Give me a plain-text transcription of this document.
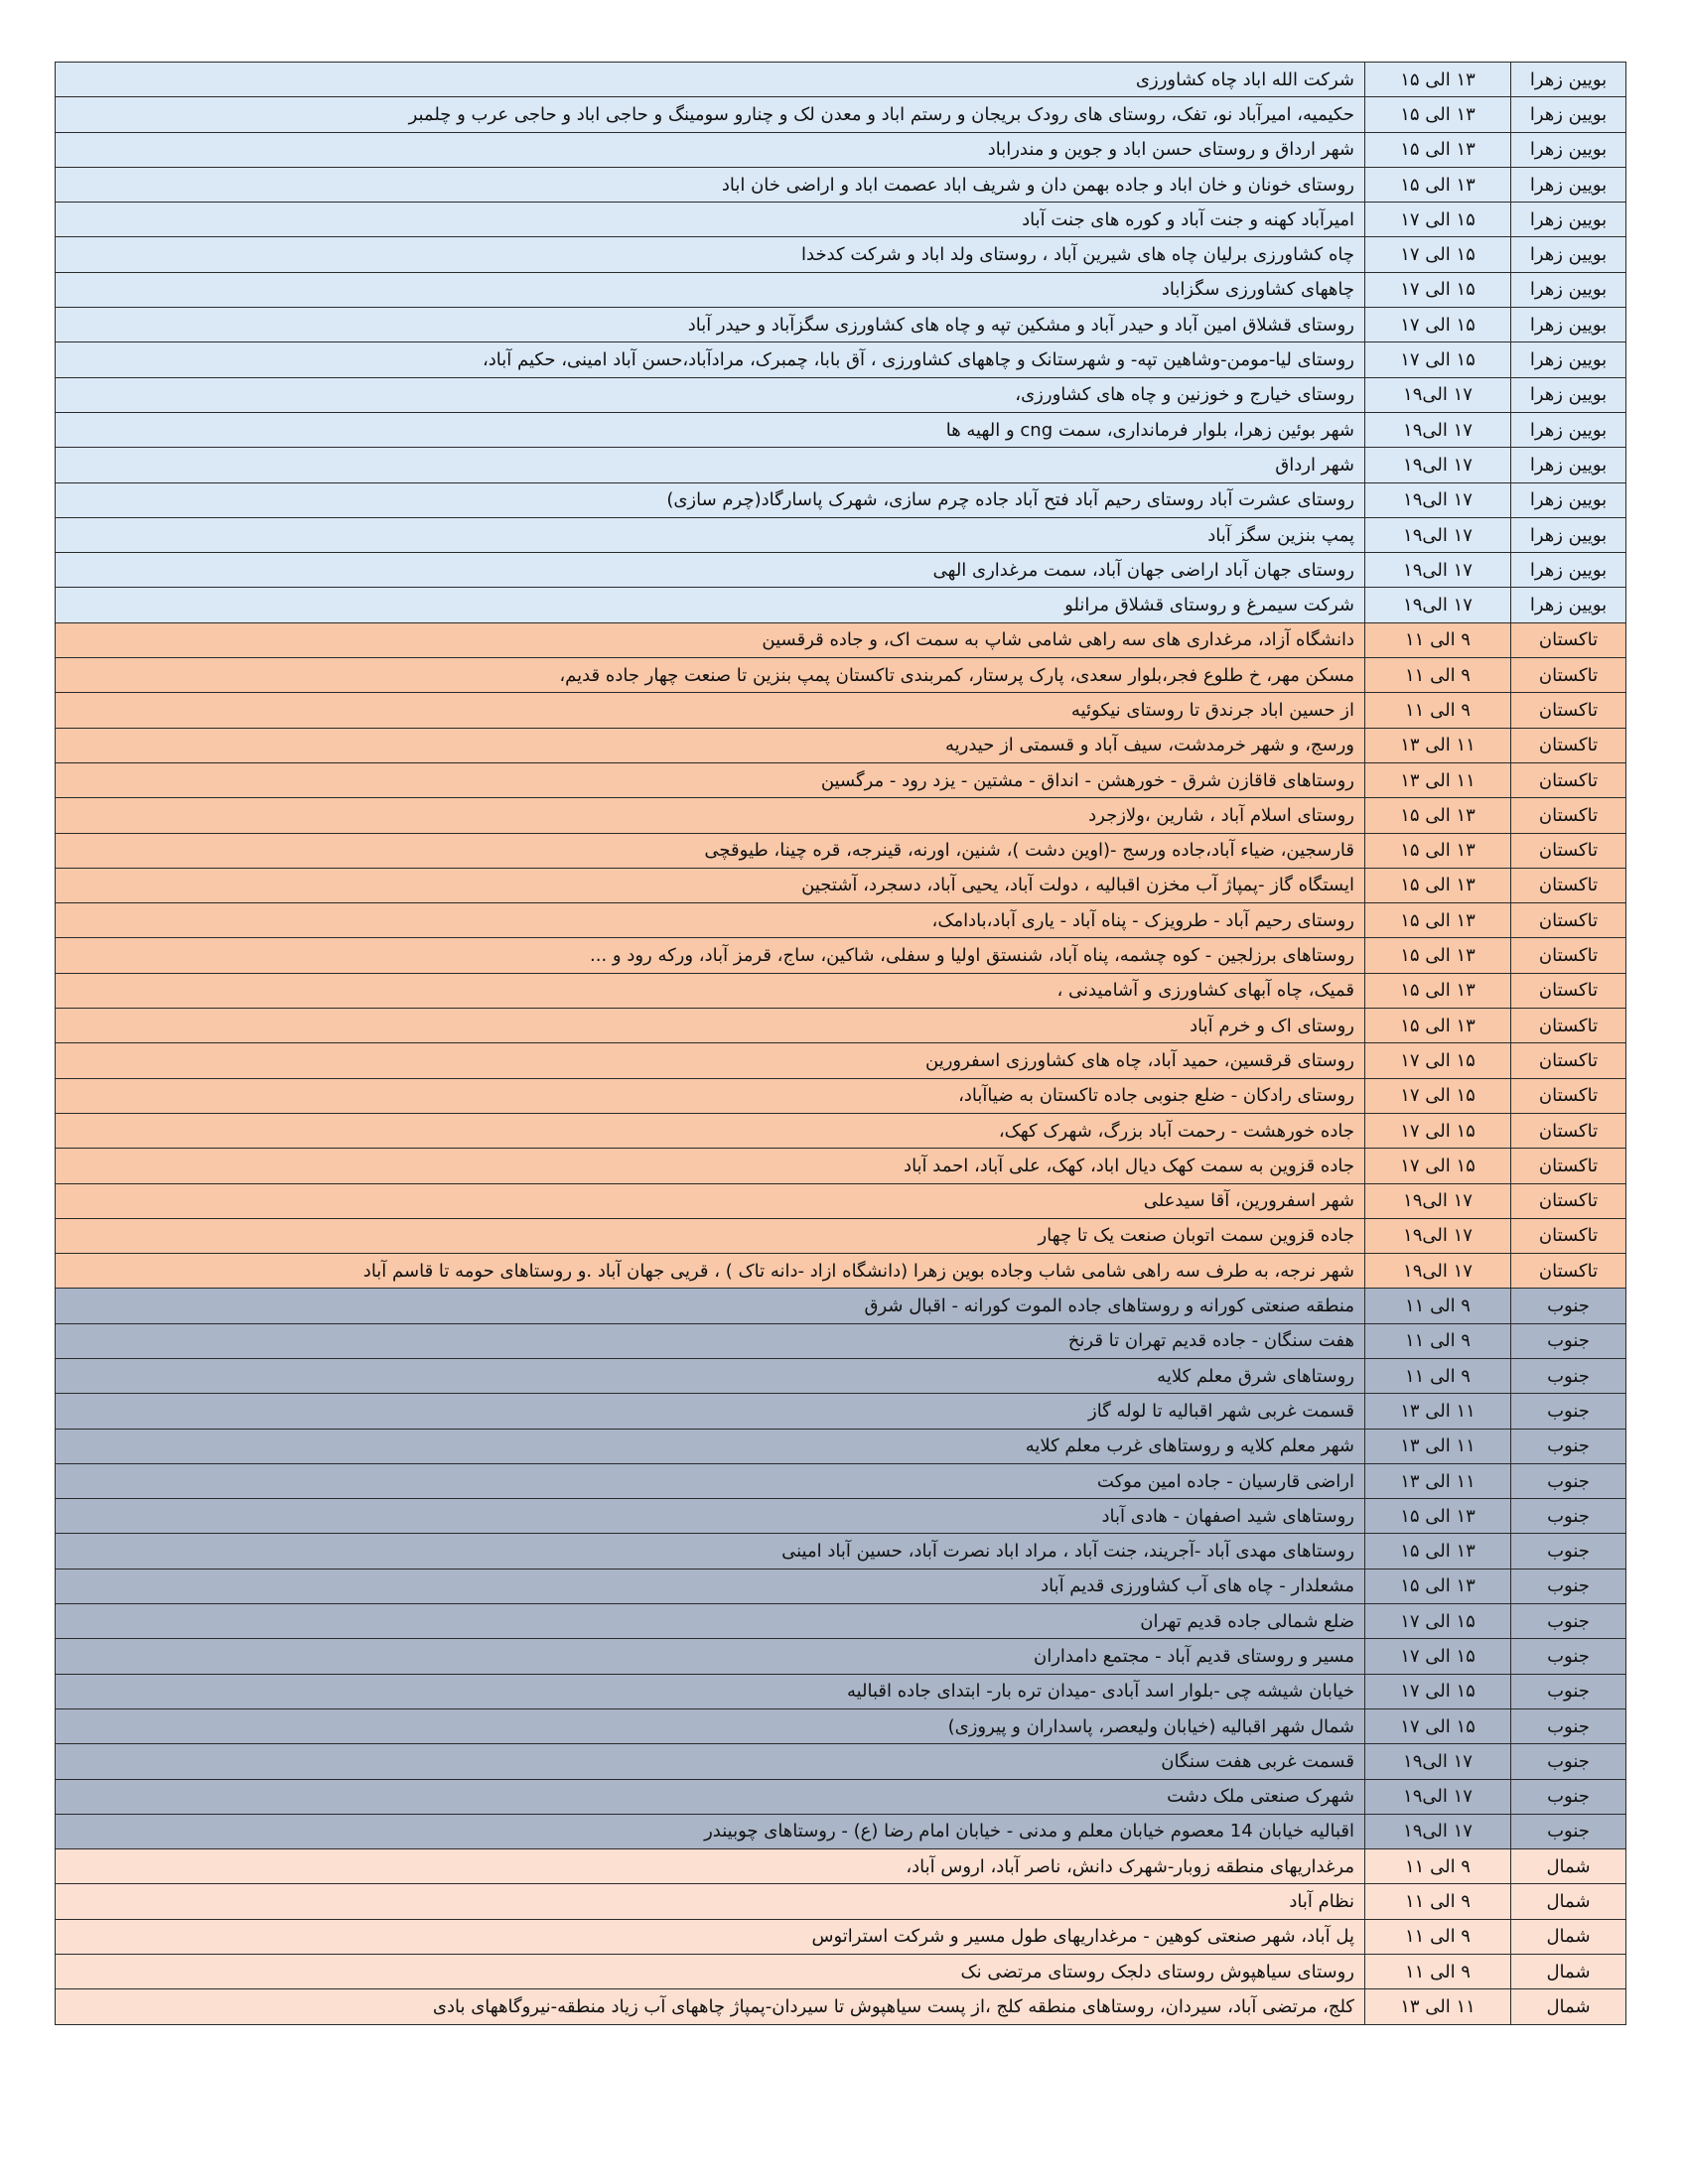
بویین زهرا	۱۳ الی ۱۵	شرکت الله اباد چاه کشاورزی
بویین زهرا	۱۳ الی ۱۵	حکیمیه، امیرآباد نو، تفک، روستای های رودک بریجان و رستم اباد و معدن لک و چنارو سومینگ و حاجی اباد و حاجی عرب و چلمبر
بویین زهرا	۱۳ الی ۱۵	شهر ارداق و روستای حسن اباد و جوین و مندراباد
بویین زهرا	۱۳ الی ۱۵	روستای خونان و خان اباد و جاده بهمن دان و شریف اباد عصمت اباد و اراضی خان اباد
بویین زهرا	۱۵ الی ۱۷	امیرآباد کهنه و جنت آباد و کوره های جنت آباد
بویین زهرا	۱۵ الی ۱۷	چاه کشاورزی برلیان چاه های شیرین آباد ، روستای ولد اباد و شرکت کدخدا
بویین زهرا	۱۵ الی ۱۷	چاههای کشاورزی سگزاباد
بویین زهرا	۱۵ الی ۱۷	روستای قشلاق امین آباد و حیدر آباد و مشکین تپه و چاه های کشاورزی سگزآباد و حیدر آباد
بویین زهرا	۱۵ الی ۱۷	روستای لیا-مومن-وشاهین تپه- و شهرستانک و چاههای کشاورزی ، آق بابا، چمبرک، مرادآباد،حسن آباد امینی، حکیم آباد،
بویین زهرا	۱۷ الی۱۹	روستای خیارج و خوزنین و چاه های کشاورزی،
بویین زهرا	۱۷ الی۱۹	شهر بوئین زهرا، بلوار فرمانداری، سمت cng و الهیه ها
بویین زهرا	۱۷ الی۱۹	شهر ارداق
بویین زهرا	۱۷ الی۱۹	روستای عشرت آباد روستای رحیم آباد فتح آباد جاده چرم سازی، شهرک پاسارگاد(چرم سازی)
بویین زهرا	۱۷ الی۱۹	پمپ بنزین سگز آباد
بویین زهرا	۱۷ الی۱۹	روستای جهان آباد اراضی جهان آباد، سمت مرغداری الهی
بویین زهرا	۱۷ الی۱۹	شرکت سیمرغ و روستای قشلاق مرانلو
تاکستان	۹ الی ۱۱	دانشگاه آزاد، مرغداری های سه راهی شامی شاپ به سمت اک، و جاده قرقسین
تاکستان	۹ الی ۱۱	مسکن مهر، خ طلوع فجر،بلوار سعدی، پارک پرستار، کمربندی تاکستان پمپ بنزین تا صنعت چهار جاده قدیم،
تاکستان	۹ الی ۱۱	از حسین اباد جرندق تا روستای نیکوئیه
تاکستان	۱۱ الی ۱۳	ورسج، و شهر خرمدشت، سیف آباد و قسمتی از حیدریه
تاکستان	۱۱ الی ۱۳	روستاهای قاقازن شرق - خورهشن - انداق - مشتین - یزد رود - مرگسین
تاکستان	۱۳ الی ۱۵	روستای اسلام آباد ، شارین ،ولازجرد
تاکستان	۱۳ الی ۱۵	قارسجین، ضیاء آباد،جاده ورسج -(اوین دشت )، شنین، اورنه، قینرجه، قره چینا، طیوقچی
تاکستان	۱۳ الی ۱۵	ایستگاه گاز -پمپاژ آب مخزن اقبالیه ، دولت آباد، یحیی آباد، دسجرد، آشتجین
تاکستان	۱۳ الی ۱۵	روستای رحیم آباد - طرویزک - پناه آباد - یاری آباد،بادامک،
تاکستان	۱۳ الی ۱۵	روستاهای برزلجین - کوه چشمه، پناه آباد، شنستق اولیا و سفلی، شاکین، ساج، قرمز آباد، ورکه رود و ...
تاکستان	۱۳ الی ۱۵	قمیک، چاه آبهای کشاورزی و آشامیدنی ،
تاکستان	۱۳ الی ۱۵	روستای اک و خرم آباد
تاکستان	۱۵ الی ۱۷	روستای قرقسین، حمید آباد، چاه های کشاورزی اسفرورین
تاکستان	۱۵ الی ۱۷	روستای رادکان - ضلع جنوبی جاده تاکستان به ضیاآباد،
تاکستان	۱۵ الی ۱۷	جاده خورهشت - رحمت آباد بزرگ، شهرک کهک،
تاکستان	۱۵ الی ۱۷	جاده قزوین به سمت کهک دیال اباد، کهک، علی آباد، احمد آباد
تاکستان	۱۷ الی۱۹	شهر اسفرورین، آقا سیدعلی
تاکستان	۱۷ الی۱۹	جاده قزوین سمت اتوبان صنعت یک تا چهار
تاکستان	۱۷ الی۱۹	شهر نرجه، به طرف سه راهی شامی شاب وجاده بوین زهرا (دانشگاه ازاد -دانه تاک ) ، قریی جهان آباد .و روستاهای حومه تا قاسم آباد
جنوب	۹ الی ۱۱	منطقه صنعتی کورانه و روستاهای جاده الموت کورانه - اقبال شرق
جنوب	۹ الی ۱۱	هفت سنگان - جاده قدیم تهران تا قرنخ
جنوب	۹ الی ۱۱	روستاهای شرق معلم کلایه
جنوب	۱۱ الی ۱۳	قسمت غربی شهر اقبالیه تا لوله گاز
جنوب	۱۱ الی ۱۳	شهر معلم کلایه و روستاهای غرب معلم کلایه
جنوب	۱۱ الی ۱۳	اراضی قارسیان - جاده امین موکت
جنوب	۱۳ الی ۱۵	روستاهای شید اصفهان - هادی آباد
جنوب	۱۳ الی ۱۵	روستاهای مهدی آباد -آجریند، جنت آباد ، مراد اباد نصرت آباد، حسین آباد امینی
جنوب	۱۳ الی ۱۵	مشعلدار - چاه های آب کشاورزی قدیم آباد
جنوب	۱۵ الی ۱۷	ضلع شمالی جاده قدیم تهران
جنوب	۱۵ الی ۱۷	مسیر و روستای قدیم آباد - مجتمع دامداران
جنوب	۱۵ الی ۱۷	خیابان شیشه چی -بلوار اسد آبادی -میدان تره بار- ابتدای جاده اقبالیه
جنوب	۱۵ الی ۱۷	شمال شهر اقبالیه (خیابان ولیعصر، پاسداران و پیروزی)
جنوب	۱۷ الی۱۹	قسمت غربی هفت سنگان
جنوب	۱۷ الی۱۹	شهرک صنعتی ملک دشت
جنوب	۱۷ الی۱۹	اقبالیه خیابان 14 معصوم خیابان معلم و مدنی - خیابان امام رضا (ع) - روستاهای چوبیندر
شمال	۹ الی ۱۱	مرغداریهای منطقه زوبار-شهرک دانش، ناصر آباد، اروس آباد،
شمال	۹ الی ۱۱	نظام آباد
شمال	۹ الی ۱۱	پل آباد، شهر صنعتی کوهین - مرغداریهای طول مسیر و شرکت استراتوس
شمال	۹ الی ۱۱	روستای سیاهپوش روستای دلجک روستای مرتضی نک
شمال	۱۱ الی ۱۳	کلج، مرتضی آباد، سیردان، روستاهای منطقه کلج ،از پست سیاهپوش تا سیردان-پمپاژ چاههای آب زیاد منطقه-نیروگاههای بادی
